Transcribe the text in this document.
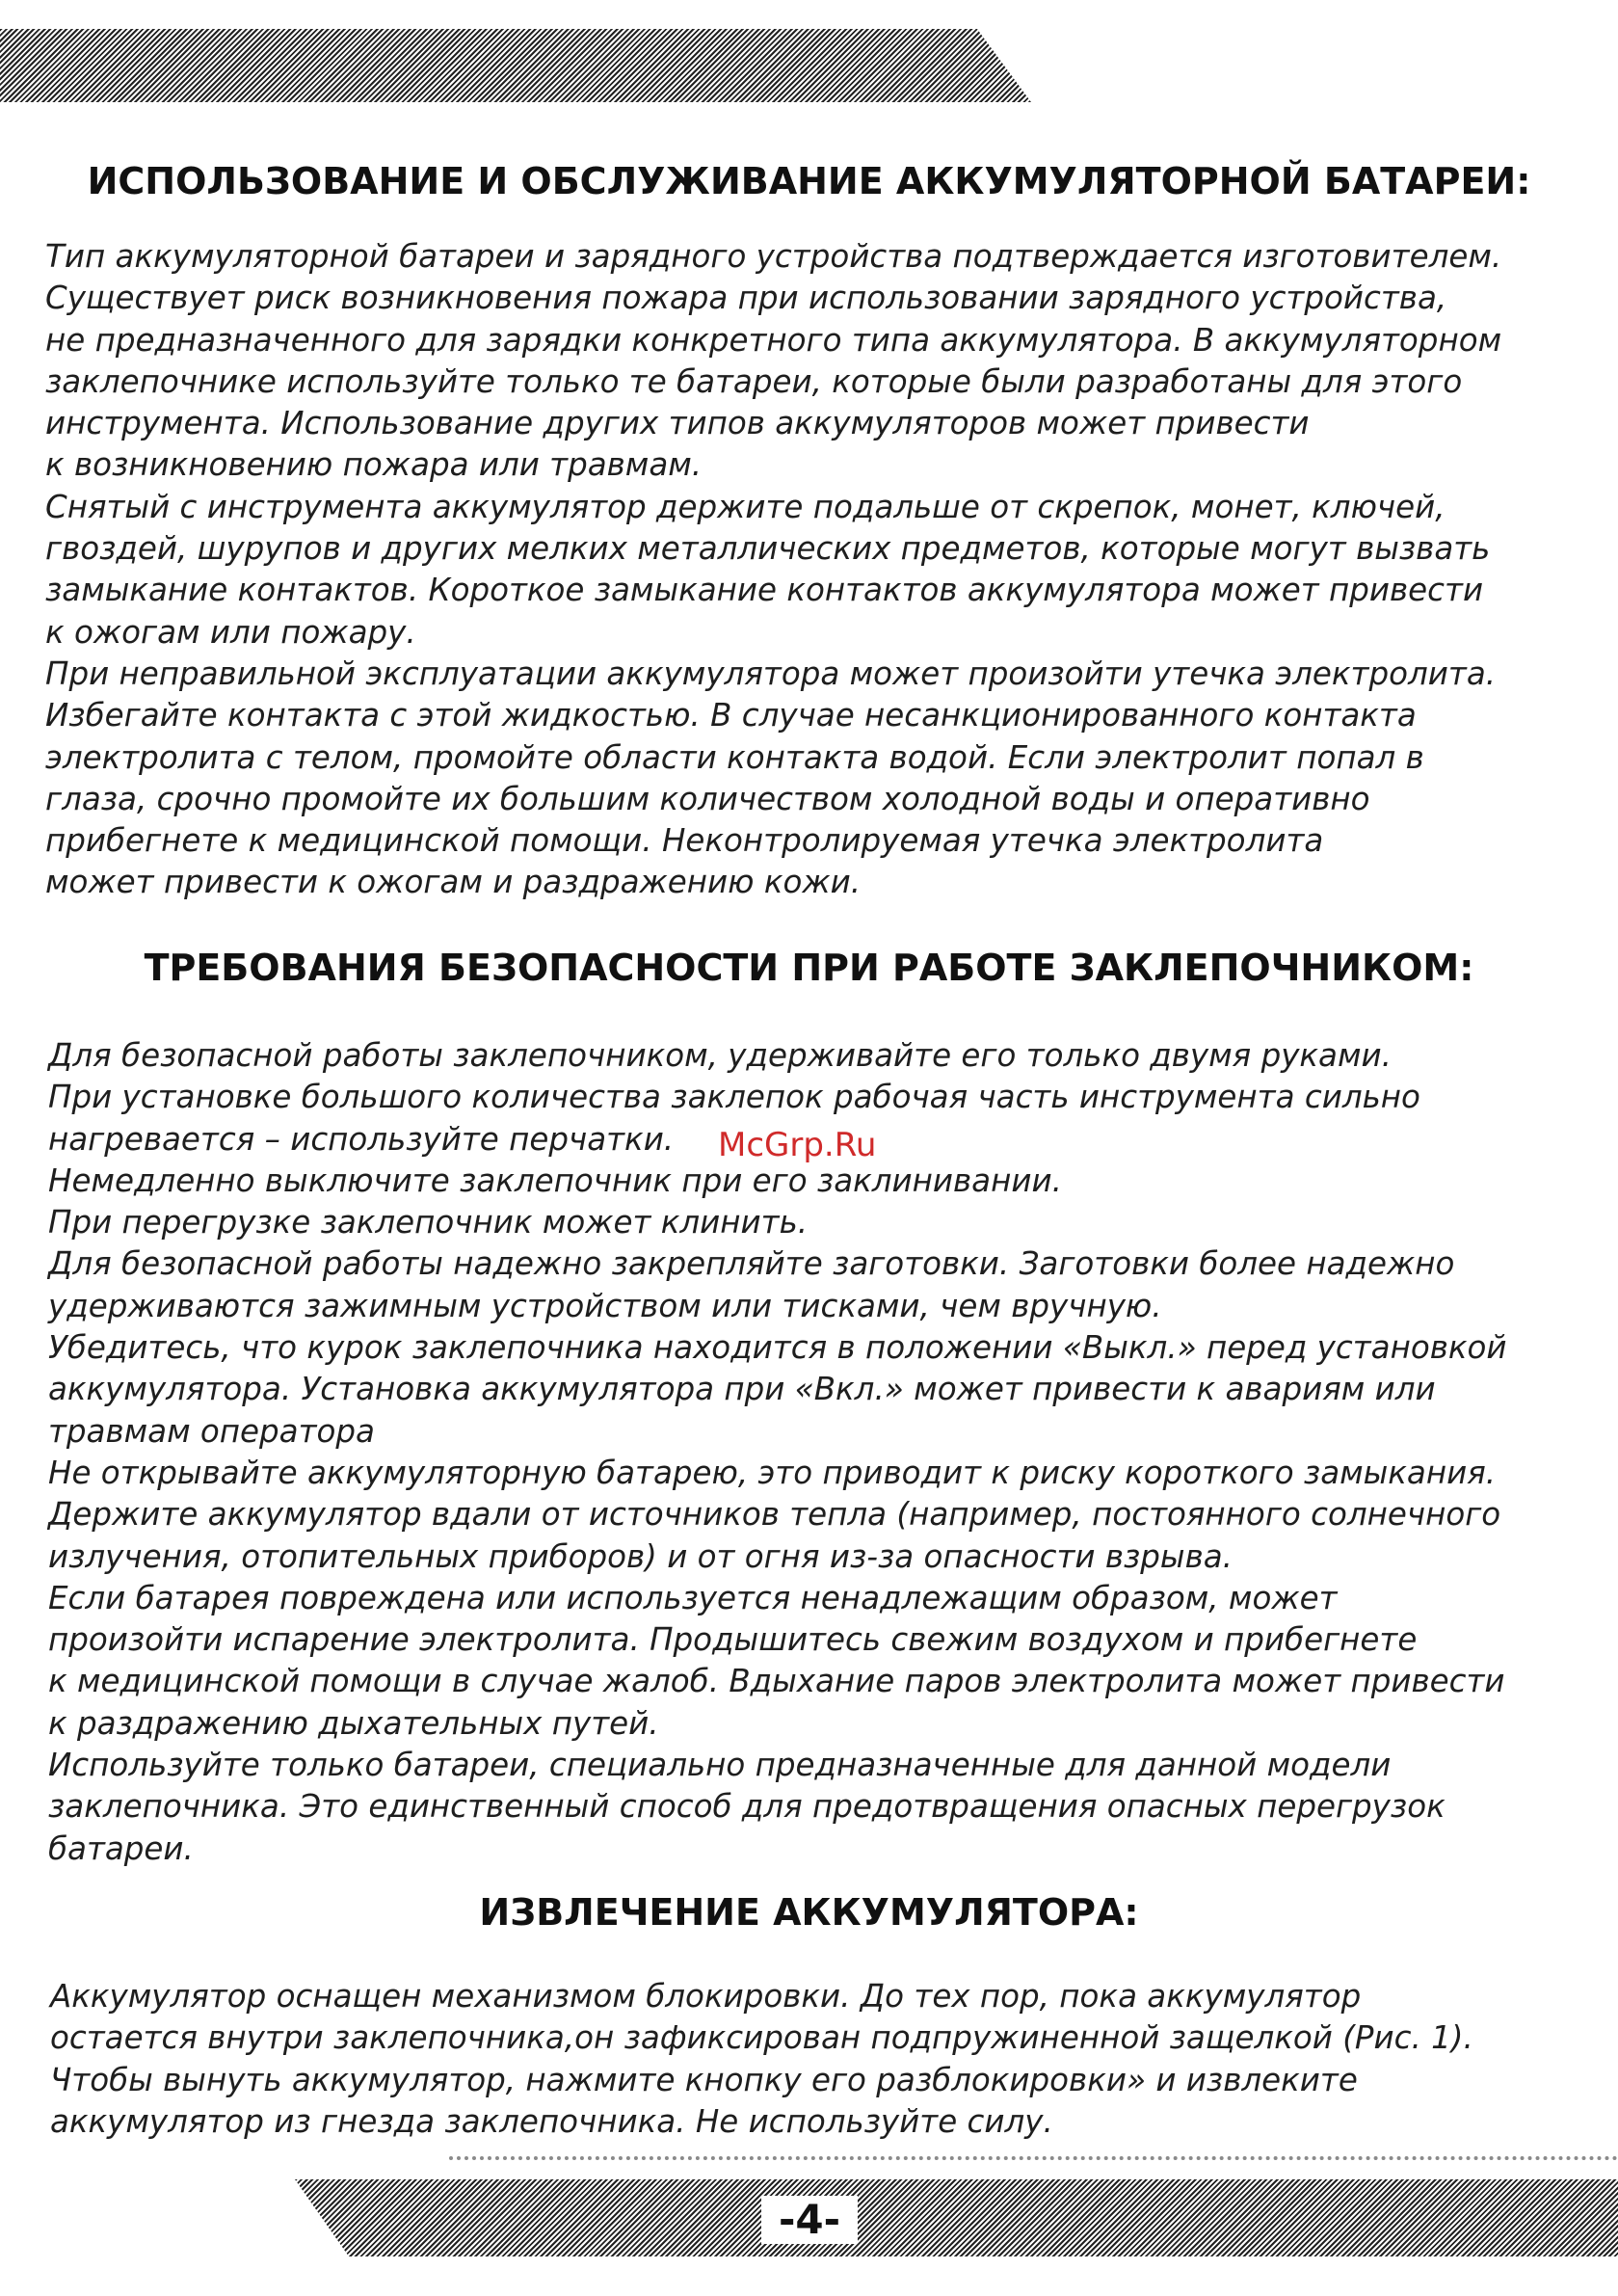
ИСПОЛЬЗОВАНИЕ И ОБСЛУЖИВАНИЕ АККУМУЛЯТОРНОЙ БАТАРЕИ:
Тип аккумуляторной батареи и зарядного устройства подтверждается изготовителем.
Существует риск возникновения пожара при использовании зарядного устройства,
не предназначенного для зарядки конкретного типа аккумулятора. В аккумуляторном
заклепочнике используйте только те батареи, которые были разработаны для этого
инструмента. Использование других типов аккумуляторов может привести
к возникновению пожара или травмам.
Снятый с инструмента аккумулятор держите подальше от скрепок, монет, ключей,
гвоздей, шурупов и других мелких металлических предметов, которые могут вызвать
замыкание контактов. Короткое замыкание контактов аккумулятора может привести
к ожогам или пожару.
При неправильной эксплуатации аккумулятора может произойти утечка электролита.
Избегайте контакта с этой жидкостью. В случае несанкционированного контакта
электролита с телом, промойте области контакта водой. Если электролит попал в
глаза, срочно промойте их большим количеством холодной воды и оперативно
прибегнете к медицинской помощи. Неконтролируемая утечка электролита
может привести к ожогам и раздражению кожи.
ТРЕБОВАНИЯ БЕЗОПАСНОСТИ ПРИ РАБОТЕ ЗАКЛЕПОЧНИКОМ:
Для безопасной работы заклепочником, удерживайте его только двумя руками.
При установке большого количества заклепок рабочая часть инструмента сильно
нагревается – используйте перчатки.
Немедленно выключите заклепочник при его заклинивании.
При перегрузке заклепочник может клинить.
Для безопасной работы надежно закрепляйте заготовки. Заготовки более надежно
удерживаются зажимным устройством или тисками, чем вручную.
Убедитесь, что курок заклепочника находится в положении «Выкл.» перед установкой
аккумулятора. Установка аккумулятора при «Вкл.» может привести к авариям или
травмам оператора
Не открывайте аккумуляторную батарею, это приводит к риску короткого замыкания.
Держите аккумулятор вдали от источников тепла (например, постоянного солнечного
излучения, отопительных приборов) и от огня из-за опасности взрыва.
Если батарея повреждена или используется ненадлежащим образом, может
произойти испарение электролита. Продышитесь свежим воздухом и прибегнете
к медицинской помощи в случае жалоб. Вдыхание паров электролита может привести
к раздражению дыхательных путей.
Используйте только батареи, специально предназначенные для данной модели
заклепочника. Это единственный способ для предотвращения опасных перегрузок
батареи.
McGrp.Ru
ИЗВЛЕЧЕНИЕ АККУМУЛЯТОРА:
Аккумулятор оснащен механизмом блокировки. До тех пор, пока аккумулятор
остается внутри заклепочника,он зафиксирован подпружиненной защелкой (Рис. 1).
Чтобы вынуть аккумулятор, нажмите кнопку его разблокировки» и извлеките
аккумулятор из гнезда заклепочника. Не используйте силу.
-4-
